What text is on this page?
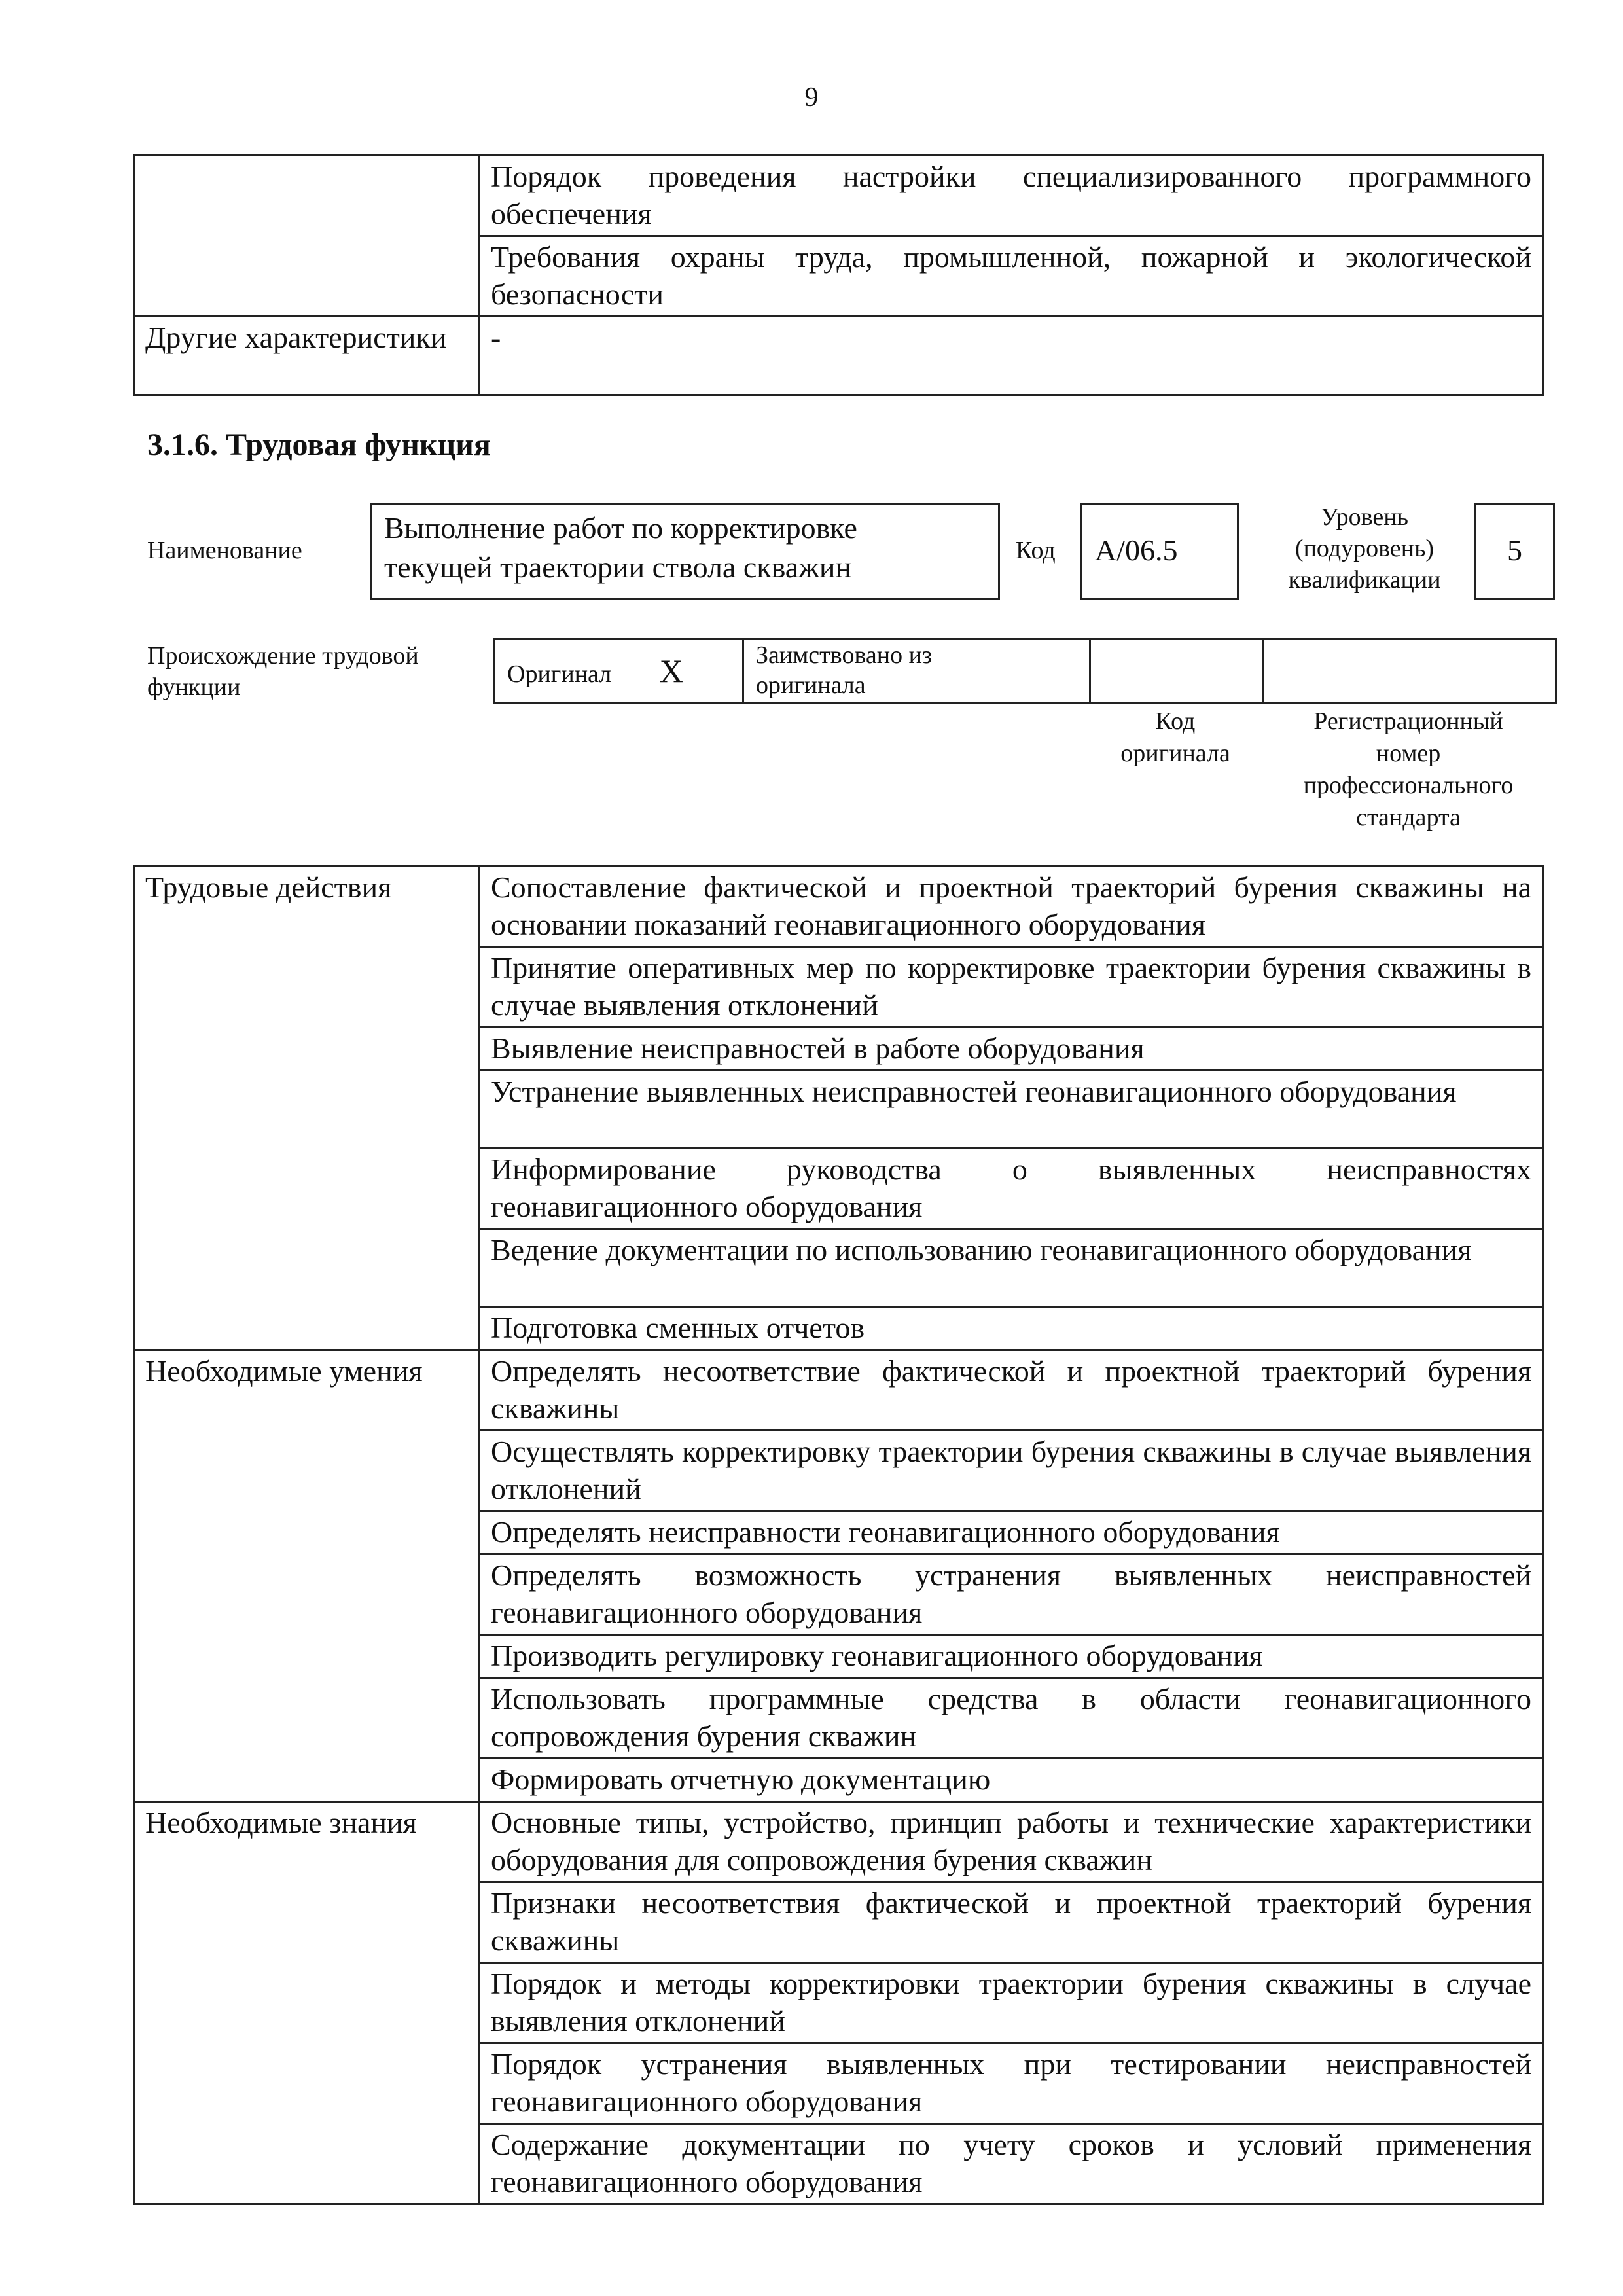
9
	Порядок проведения настройки специализированного программного обеспечения
	Требования охраны труда, промышленной, пожарной и экологической безопасности
Другие характеристики	-
3.1.6. Трудовая функция
Наименование
Выполнение работ по корректировке
текущей траектории ствола скважин	Код	A/06.5
Уровень
(подуровень)
квалификации
5
Происхождение трудовой
функции	Оригинал X	Заимствовано из
оригинала

Код
оригинала
Регистрационный
номер
профессионального
стандарта
Трудовые действия	Сопоставление фактической и проектной траекторий бурения скважины на основании показаний геонавигационного оборудования
	Принятие оперативных мер по корректировке траектории бурения скважины в случае выявления отклонений
	Выявление неисправностей в работе оборудования
	Устранение выявленных неисправностей геонавигационного оборудования
	Информирование руководства о выявленных неисправностях геонавигационного оборудования
	Ведение документации по использованию геонавигационного оборудования
	Подготовка сменных отчетов
Необходимые умения	Определять несоответствие фактической и проектной траекторий бурения скважины
	Осуществлять корректировку траектории бурения скважины в случае выявления отклонений
	Определять неисправности геонавигационного оборудования
	Определять возможность устранения выявленных неисправностей геонавигационного оборудования
	Производить регулировку геонавигационного оборудования
	Использовать программные средства в области геонавигационного сопровождения бурения скважин
	Формировать отчетную документацию
Необходимые знания	Основные типы, устройство, принцип работы и технические характеристики оборудования для сопровождения бурения скважин
	Признаки несоответствия фактической и проектной траекторий бурения скважины
	Порядок и методы корректировки траектории бурения скважины в случае выявления отклонений
	Порядок устранения выявленных при тестировании неисправностей геонавигационного оборудования
	Содержание документации по учету сроков и условий применения геонавигационного оборудования
